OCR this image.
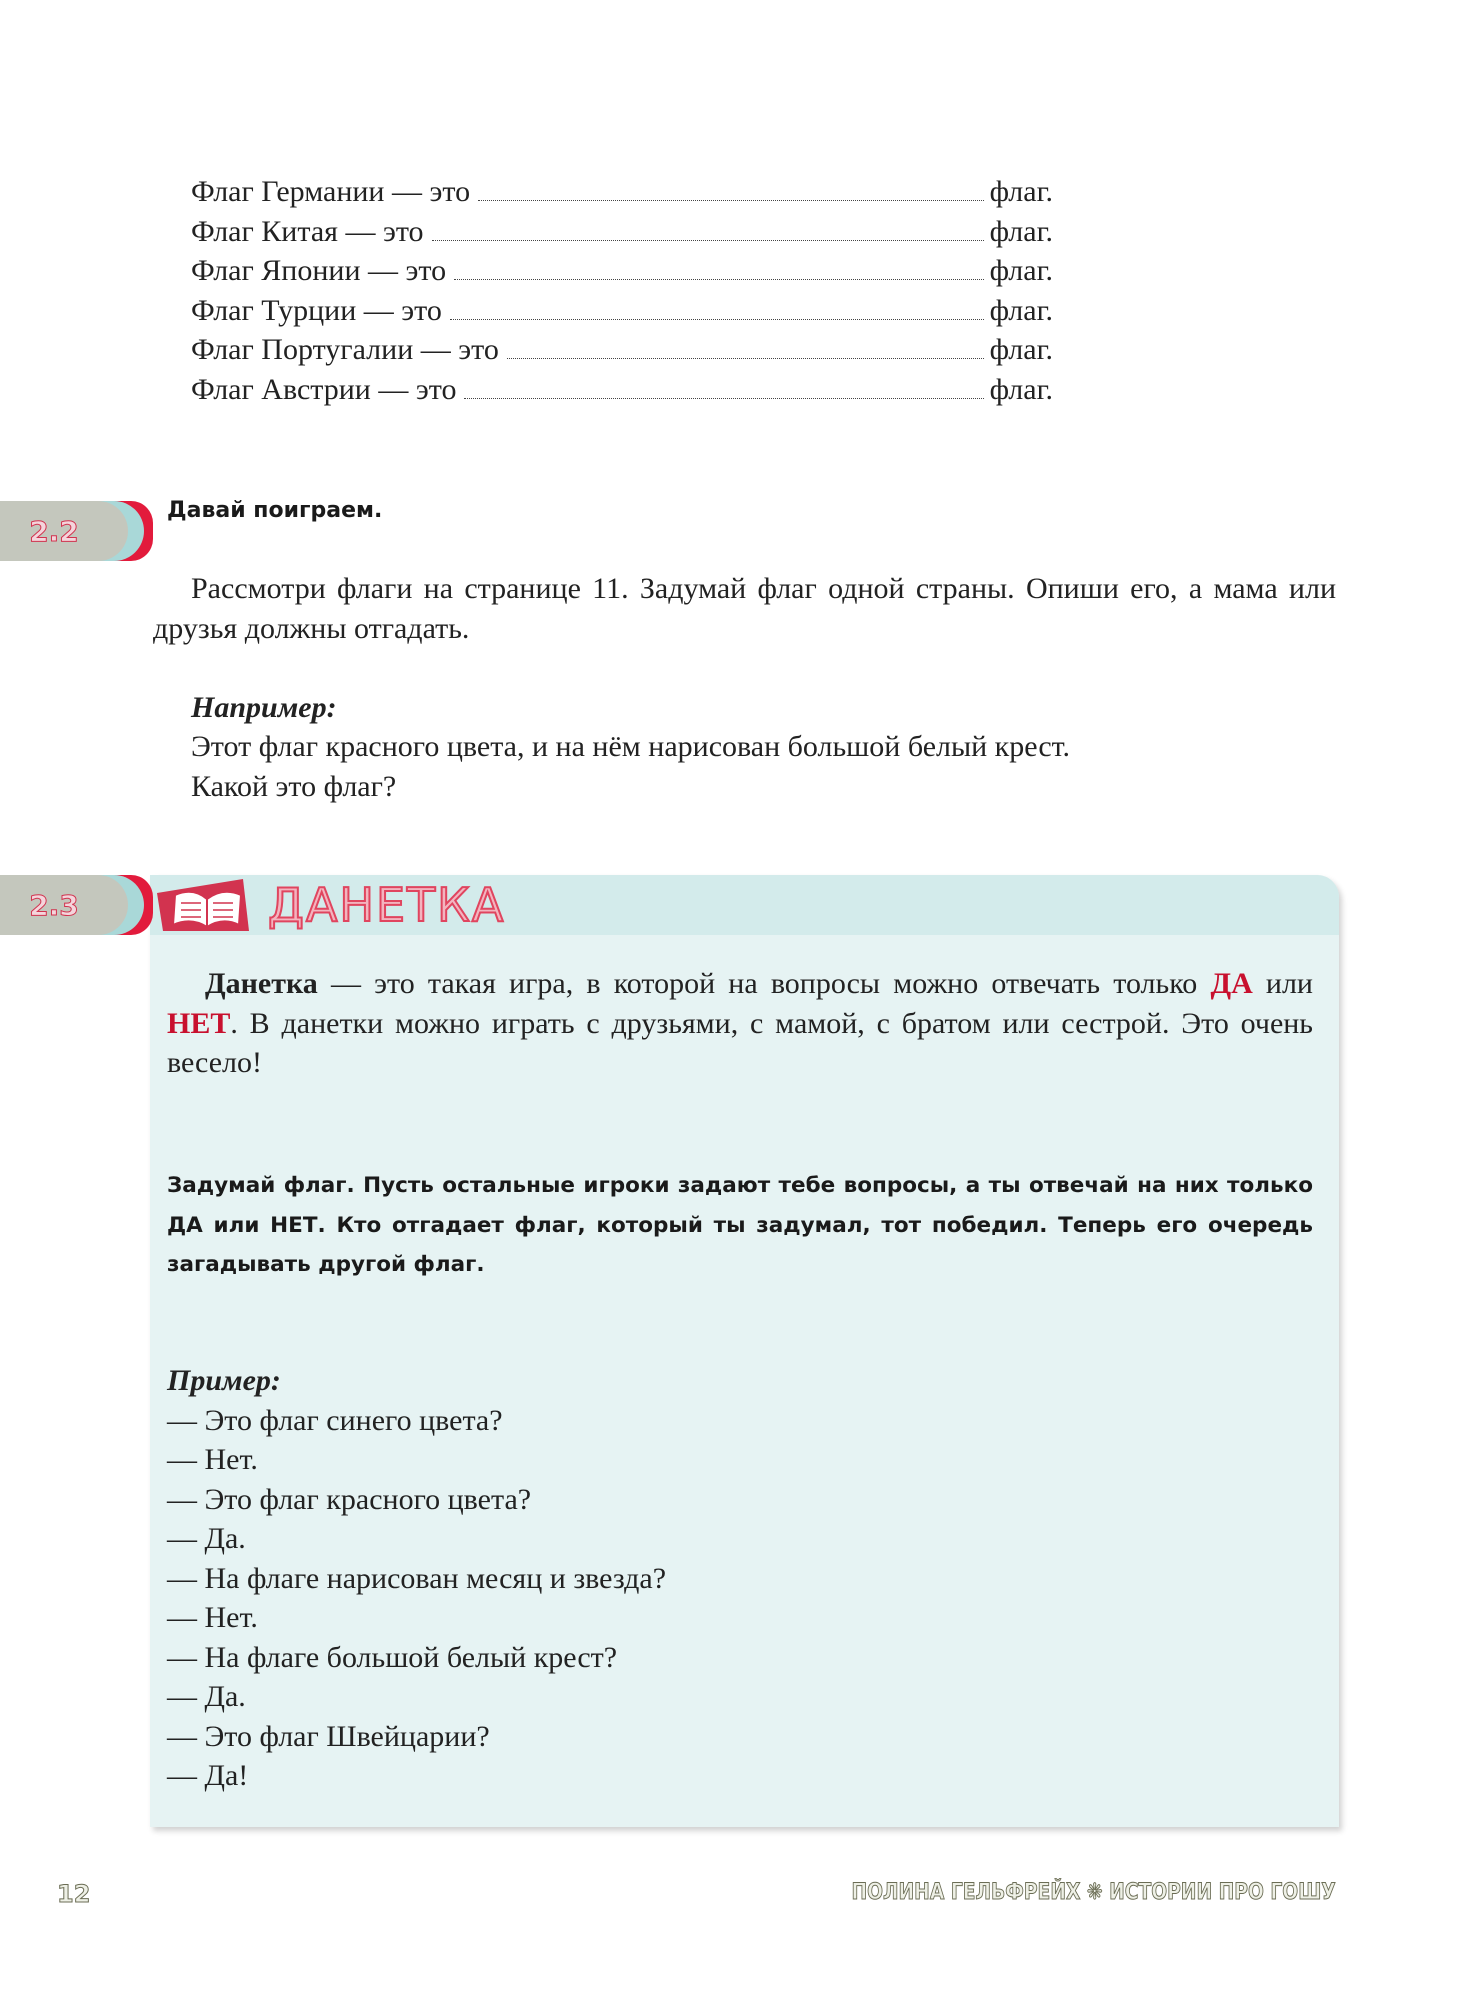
Флаг Германии — это	флаг.
Флаг Китая — это	флаг.
Флаг Японии — это	флаг.
Флаг Турции — это	флаг.
Флаг Португалии — это	флаг.
Флаг Австрии — это	флаг.
2.2
Давай поиграем.
Рассмотри флаги на странице 11. Задумай флаг одной страны. Опиши его, а мама или друзья должны отгадать.
Например:
Этот флаг красного цвета, и на нём нарисован большой белый крест.
Какой это флаг?
2.3	ДАНЕТКА
Данетка — это такая игра, в которой на вопросы можно отвечать только ДА или НЕТ. В данетки можно играть с друзьями, с мамой, с братом или сестрой. Это очень весело!
Задумай флаг. Пусть остальные игроки задают тебе вопросы, а ты отвечай на них только ДА или НЕТ. Кто отгадает флаг, который ты задумал, тот победил. Теперь его очередь загадывать другой флаг.
Пример:
— Это флаг синего цвета?
— Нет.
— Это флаг красного цвета?
— Да.
— На флаге нарисован месяц и звезда?
— Нет.
— На флаге большой белый крест?
— Да.
— Это флаг Швейцарии?
— Да!
12	ПОЛИНА ГЕЛЬФРЕЙХ ❋ ИСТОРИИ ПРО ГОШУ
